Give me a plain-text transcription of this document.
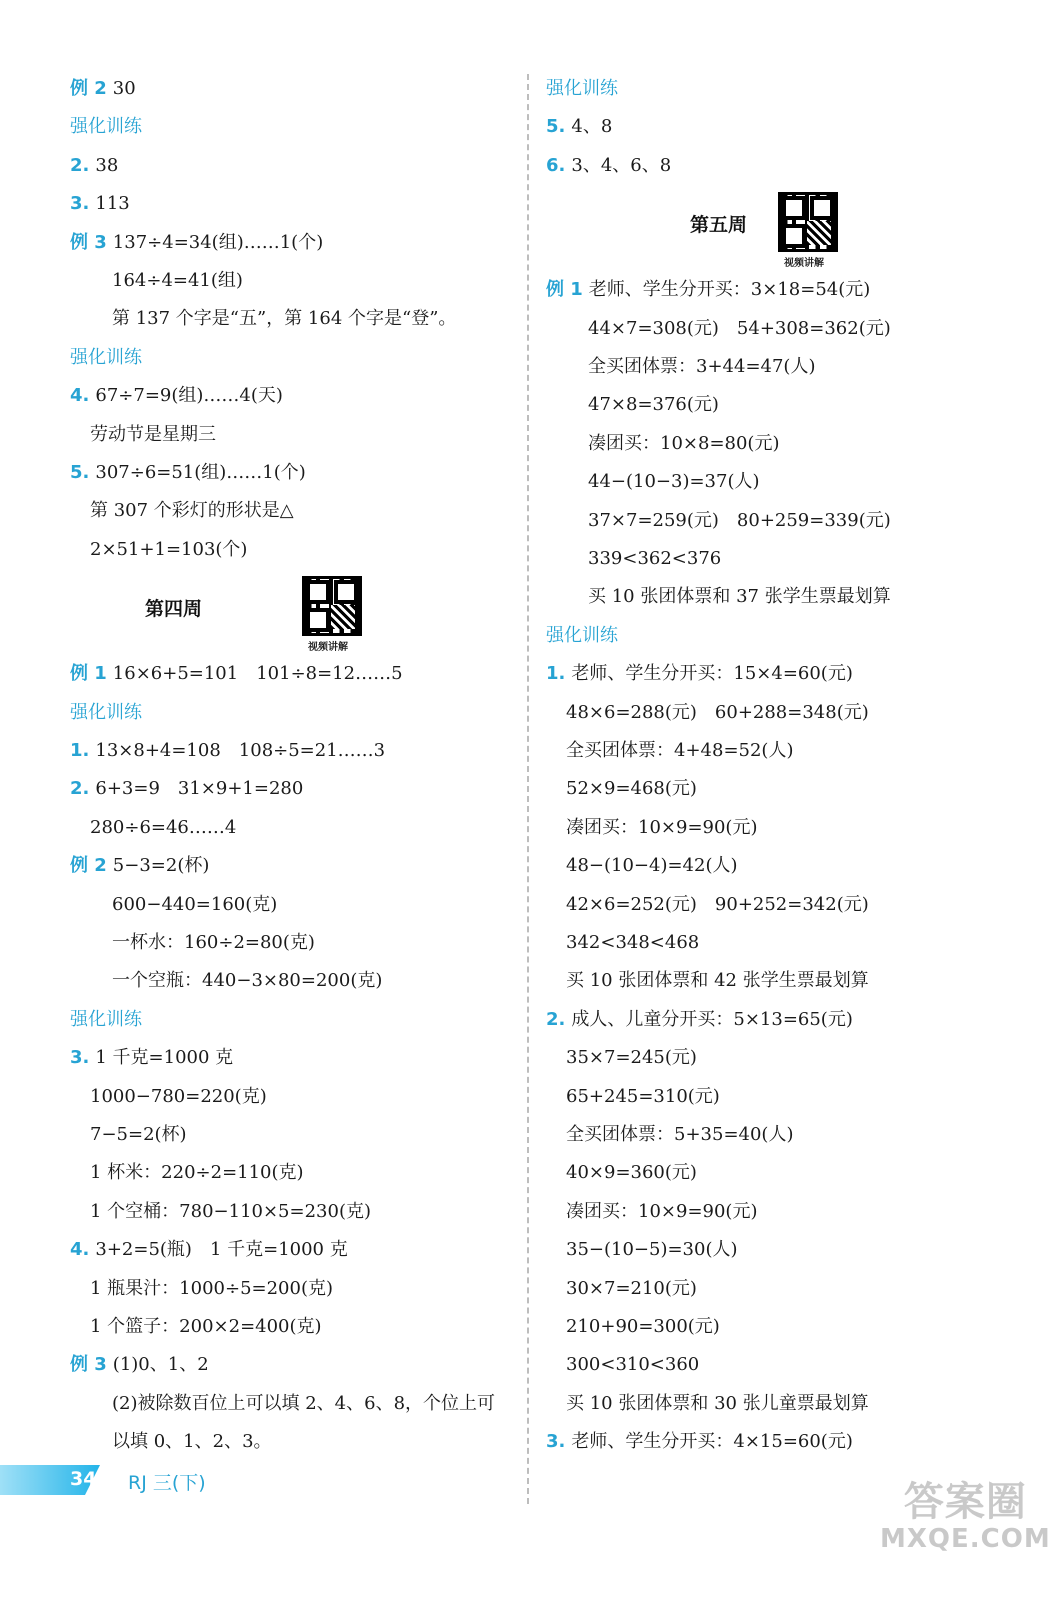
例 2 30
强化训练
2. 38
3. 113
例 3 137÷4=34(组)……1(个)
164÷4=41(组)
第 137 个字是“五”，第 164 个字是“登”。
强化训练
4. 67÷7=9(组)……4(天)
劳动节是星期三
5. 307÷6=51(组)……1(个)
第 307 个彩灯的形状是△
2×51+1=103(个)
第四周
视频讲解
例 1 16×6+5=101　101÷8=12……5
强化训练
1. 13×8+4=108　108÷5=21……3
2. 6+3=9　31×9+1=280
280÷6=46……4
例 2 5−3=2(杯)
600−440=160(克)
一杯水：160÷2=80(克)
一个空瓶：440−3×80=200(克)
强化训练
3. 1 千克=1000 克
1000−780=220(克)
7−5=2(杯)
1 杯米：220÷2=110(克)
1 个空桶：780−110×5=230(克)
4. 3+2=5(瓶)　1 千克=1000 克
1 瓶果汁：1000÷5=200(克)
1 个篮子：200×2=400(克)
例 3 (1)0、1、2
(2)被除数百位上可以填 2、4、6、8，个位上可
以填 0、1、2、3。
强化训练
5. 4、8
6. 3、4、6、8
第五周
视频讲解
例 1 老师、学生分开买：3×18=54(元)
44×7=308(元)　54+308=362(元)
全买团体票：3+44=47(人)
47×8=376(元)
凑团买：10×8=80(元)
44−(10−3)=37(人)
37×7=259(元)　80+259=339(元)
339<362<376
买 10 张团体票和 37 张学生票最划算
强化训练
1. 老师、学生分开买：15×4=60(元)
48×6=288(元)　60+288=348(元)
全买团体票：4+48=52(人)
52×9=468(元)
凑团买：10×9=90(元)
48−(10−4)=42(人)
42×6=252(元)　90+252=342(元)
342<348<468
买 10 张团体票和 42 张学生票最划算
2. 成人、儿童分开买：5×13=65(元)
35×7=245(元)
65+245=310(元)
全买团体票：5+35=40(人)
40×9=360(元)
凑团买：10×9=90(元)
35−(10−5)=30(人)
30×7=210(元)
210+90=300(元)
300<310<360
买 10 张团体票和 30 张儿童票最划算
3. 老师、学生分开买：4×15=60(元)
34 RJ 三(下)	答案圈
MXQE.COM
